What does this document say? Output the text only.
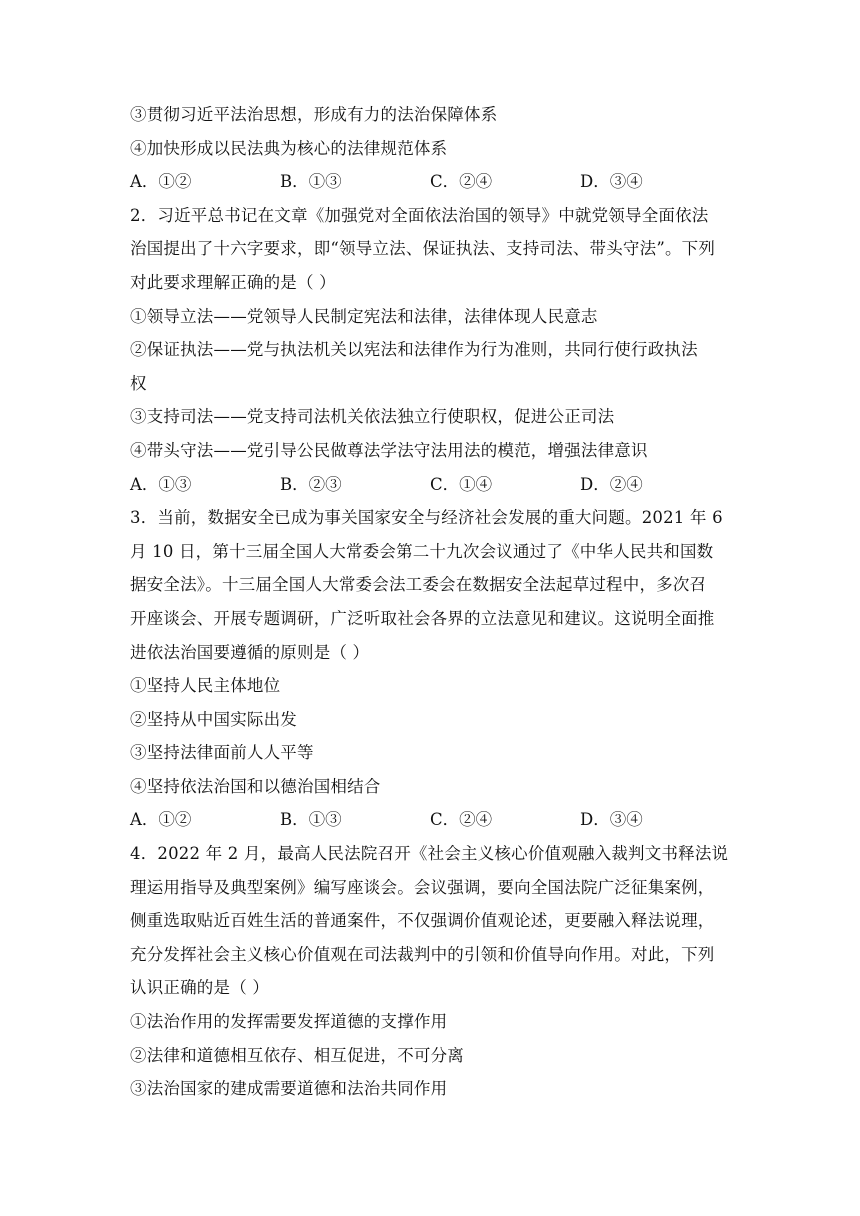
③贯彻习近平法治思想，形成有力的法治保障体系
④加快形成以民法典为核心的法律规范体系
A．①②	B．①③	C．②④	D．③④
2．习近平总书记在文章《加强党对全面依法治国的领导》中就党领导全面依法
治国提出了十六字要求，即“领导立法、保证执法、支持司法、带头守法”。下列
对此要求理解正确的是（ ）
①领导立法——党领导人民制定宪法和法律，法律体现人民意志
②保证执法——党与执法机关以宪法和法律作为行为准则，共同行使行政执法
权
③支持司法——党支持司法机关依法独立行使职权，促进公正司法
④带头守法——党引导公民做尊法学法守法用法的模范，增强法律意识
A．①③	B．②③	C．①④	D．②④
3．当前，数据安全已成为事关国家安全与经济社会发展的重大问题。2021 年 6
月 10 日，第十三届全国人大常委会第二十九次会议通过了《中华人民共和国数
据安全法》。十三届全国人大常委会法工委会在数据安全法起草过程中，多次召
开座谈会、开展专题调研，广泛听取社会各界的立法意见和建议。这说明全面推
进依法治国要遵循的原则是（ ）
①坚持人民主体地位
②坚持从中国实际出发
③坚持法律面前人人平等
④坚持依法治国和以德治国相结合
A．①②	B．①③	C．②④	D．③④
4．2022 年 2 月，最高人民法院召开《社会主义核心价值观融入裁判文书释法说
理运用指导及典型案例》编写座谈会。会议强调，要向全国法院广泛征集案例，
侧重选取贴近百姓生活的普通案件，不仅强调价值观论述，更要融入释法说理，
充分发挥社会主义核心价值观在司法裁判中的引领和价值导向作用。对此，下列
认识正确的是（ ）
①法治作用的发挥需要发挥道德的支撑作用
②法律和道德相互依存、相互促进，不可分离
③法治国家的建成需要道德和法治共同作用
